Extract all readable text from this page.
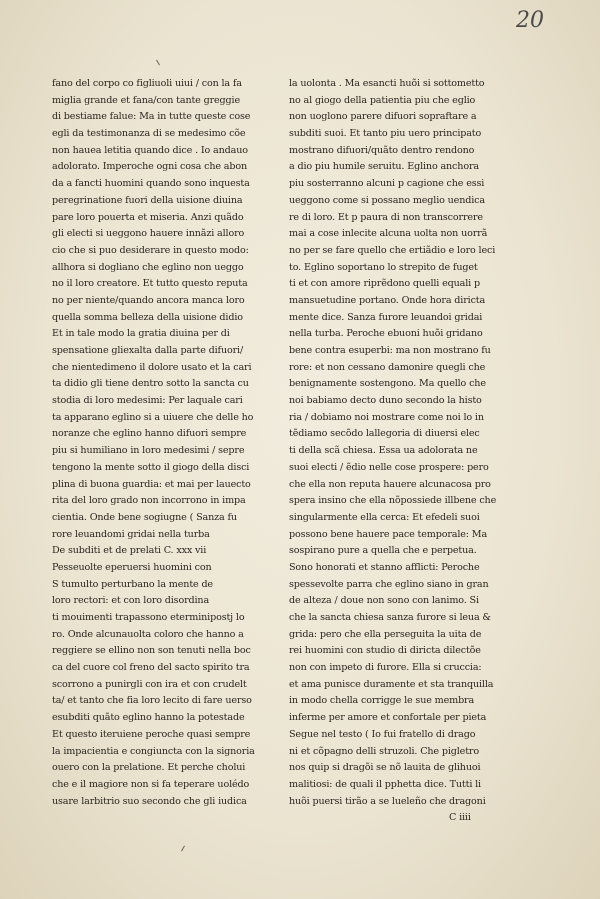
20
fano del corpo co figliuoli uiui / con la fa
miglia grande et fana/con tante greggie
di bestiame falue: Ma in tutte queste cose
egli da testimonanza di se medesimo cõe
non hauea letitia quando dice . Io andauo
adolorato. Imperoche ogni cosa che abon
da a fancti huomini quando sono inquesta
peregrinatione fuori della uisione diuina
pare loro pouerta et miseria. Anzi quãdo
gli electi si ueggono hauere innãzi alloro
cio che si puo desiderare in questo modo:
allhora si dogliano che eglino non ueggo
no il loro creatore. Et tutto questo reputa
no per niente/quando ancora manca loro
quella somma belleza della uisione didio
Et in tale modo la gratia diuina per di
spensatione gliexalta dalla parte difuori/
che nientedimeno il dolore usato et la cari
ta didio gli tiene dentro sotto la sancta cu
stodia di loro medesimi: Per laquale cari
ta apparano eglino si a uiuere che delle ho
noranze che eglino hanno difuori sempre
piu si humiliano in loro medesimi / sepre
tengono la mente sotto il giogo della disci
plina di buona guardia: et mai per lauecto
rita del loro grado non incorrono in impa
cientia. Onde bene sogiugne ( Sanza fu
rore leuandomi gridai nella turba
De subditi et de prelati C. xxx vii
Pesseuolte eperuersi huomini con
S tumulto perturbano la mente de
loro rectori: et con loro disordina
ti mouimenti trapassono eterminipostj lo
ro. Onde alcunauolta coloro che hanno a
reggiere se ellino non son tenuti nella boc
ca del cuore col freno del sacto spirito tra
scorrono a punirgli con ira et con crudelt
ta/ et tanto che fia loro lecito di fare uerso
esubditi quãto eglino hanno la potestade
Et questo iteruiene peroche quasi sempre
la impacientia e congiuncta con la signoria
ouero con la prelatione. Et perche cholui
che e il magiore non si fa teperare uolédo
usare larbitrio suo secondo che gli iudica
la uolonta . Ma esancti huõi si sottometto
no al giogo della patientia piu che eglio
non uoglono parere difuori sopraftare a
subditi suoi. Et tanto piu uero principato
mostrano difuori/quãto dentro rendono
a dio piu humile seruitu. Eglino anchora
piu sosterranno alcuni p cagione che essi
ueggono come si possano meglio uendica
re di loro. Et p paura di non transcorrere
mai a cose inlecite alcuna uolta non uorrã
no per se fare quello che ertiãdio e loro leci
to. Eglino soportano lo strepito de fuget
ti et con amore riprẽdono quelli equali p
mansuetudine portano. Onde hora diricta
mente dice. Sanza furore leuandoi gridai
nella turba. Peroche ebuoni huõi gridano
bene contra esuperbi: ma non mostrano fu
rore: et non cessano damonire quegli che
benignamente sostengono. Ma quello che
noi babiamo decto duno secondo la histo
ria / dobiamo noi mostrare come noi lo in
tẽdiamo secõdo lallegoria di diuersi elec
ti della scã chiesa. Essa ua adolorata ne
suoi electi / ẽdio nelle cose prospere: pero
che ella non reputa hauere alcunacosa pro
spera insino che ella nõpossiede illbene che
singularmente ella cerca: Et efedeli suoi
possono bene hauere pace temporale: Ma
sospirano pure a quella che e perpetua.
Sono honorati et stanno afflicti: Peroche
spessevolte parra che eglino siano in gran
de alteza / doue non sono con lanimo. Si
che la sancta chiesa sanza furore si leua &
grida: pero che ella perseguita la uita de
rei huomini con studio di diricta dilectõe
non con impeto di furore. Ella si cruccia:
et ama punisce duramente et sta tranquilla
in modo chella corrigge le sue membra
inferme per amore et confortale per pieta
Segue nel testo ( Io fui fratello di drago
ni et cõpagno delli struzoli. Che pigletro
nos quip si dragõi se nõ lauita de glihuoi
malitiosi: de quali il pphetta dice. Tutti li
huõi puersi tirão a se lueleño che dragoni
C iiii
